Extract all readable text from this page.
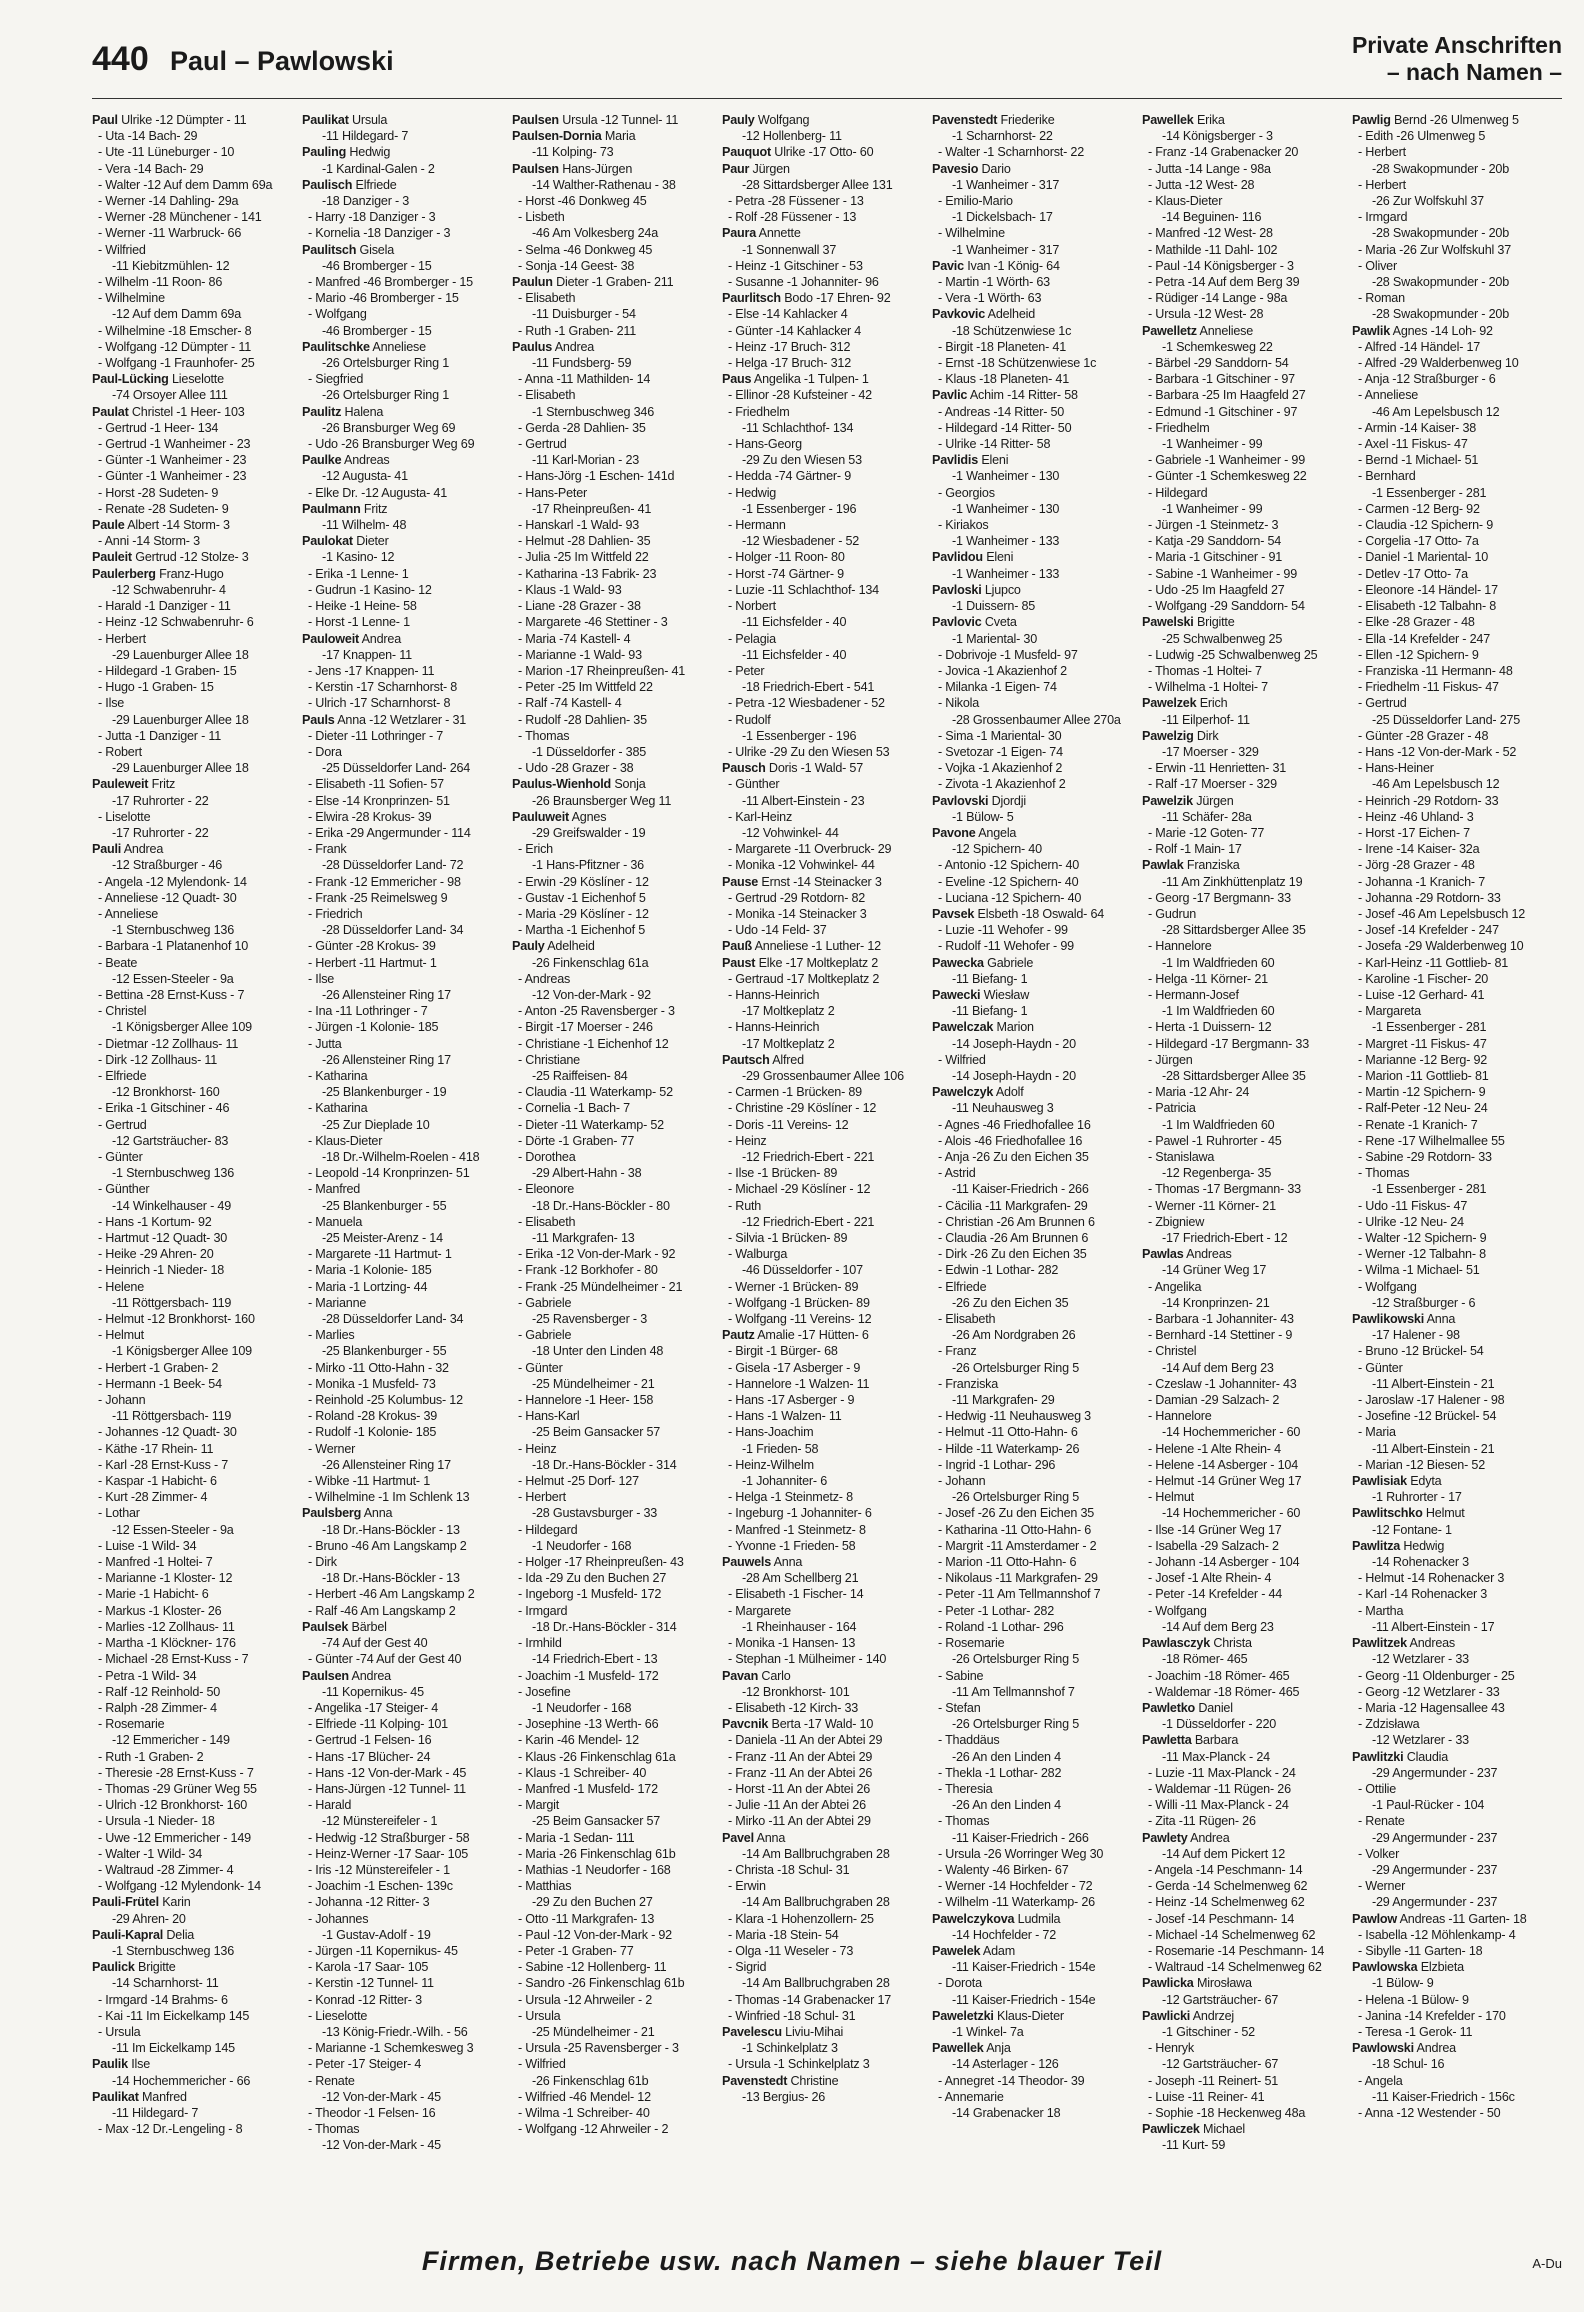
440 Paul – Pawlowski
Private Anschriften
– nach Namen –
Paul Ulrike -12 Dümpter - 11
- Uta -14 Bach- 29
- Ute -11 Lüneburger - 10
- Vera -14 Bach- 29
- Walter -12 Auf dem Damm 69a
- Werner -14 Dahling- 29a
- Werner -28 Münchener - 141
- Werner -11 Warbruck- 66
- Wilfried
-11 Kiebitzmühlen- 12
- Wilhelm -11 Roon- 86
- Wilhelmine
-12 Auf dem Damm 69a
- Wilhelmine -18 Emscher- 8
- Wolfgang -12 Dümpter - 11
- Wolfgang -1 Fraunhofer- 25
Paul-Lücking Lieselotte
-74 Orsoyer Allee 111
Paulat Christel -1 Heer- 103
- Gertrud -1 Heer- 134
- Gertrud -1 Wanheimer - 23
- Günter -1 Wanheimer - 23
- Günter -1 Wanheimer - 23
- Horst -28 Sudeten- 9
- Renate -28 Sudeten- 9
Paule Albert -14 Storm- 3
- Anni -14 Storm- 3
Pauleit Gertrud -12 Stolze- 3
Paulerberg Franz-Hugo
-12 Schwabenruhr- 4
- Harald -1 Danziger - 11
- Heinz -12 Schwabenruhr- 6
- Herbert
-29 Lauenburger Allee 18
- Hildegard -1 Graben- 15
- Hugo -1 Graben- 15
- Ilse
-29 Lauenburger Allee 18
- Jutta -1 Danziger - 11
- Robert
-29 Lauenburger Allee 18
Pauleweit Fritz
-17 Ruhrorter - 22
- Liselotte
-17 Ruhrorter - 22
Pauli Andrea
-12 Straßburger - 46
- Angela -12 Mylendonk- 14
- Anneliese -12 Quadt- 30
- Anneliese
-1 Sternbuschweg 136
- Barbara -1 Platanenhof 10
- Beate
-12 Essen-Steeler - 9a
- Bettina -28 Ernst-Kuss - 7
- Christel
-1 Königsberger Allee 109
- Dietmar -12 Zollhaus- 11
- Dirk -12 Zollhaus- 11
- Elfriede
-12 Bronkhorst- 160
- Erika -1 Gitschiner - 46
- Gertrud
-12 Gartsträucher- 83
- Günter
-1 Sternbuschweg 136
- Günther
-14 Winkelhauser - 49
- Hans -1 Kortum- 92
- Hartmut -12 Quadt- 30
- Heike -29 Ahren- 20
- Heinrich -1 Nieder- 18
- Helene
-11 Röttgersbach- 119
- Helmut -12 Bronkhorst- 160
- Helmut
-1 Königsberger Allee 109
- Herbert -1 Graben- 2
- Hermann -1 Beek- 54
- Johann
-11 Röttgersbach- 119
- Johannes -12 Quadt- 30
- Käthe -17 Rhein- 11
- Karl -28 Ernst-Kuss - 7
- Kaspar -1 Habicht- 6
- Kurt -28 Zimmer- 4
- Lothar
-12 Essen-Steeler - 9a
- Luise -1 Wild- 34
- Manfred -1 Holtei- 7
- Marianne -1 Kloster- 12
- Marie -1 Habicht- 6
- Markus -1 Kloster- 26
- Marlies -12 Zollhaus- 11
- Martha -1 Klöckner- 176
- Michael -28 Ernst-Kuss - 7
- Petra -1 Wild- 34
- Ralf -12 Reinhold- 50
- Ralph -28 Zimmer- 4
- Rosemarie
-12 Emmericher - 149
- Ruth -1 Graben- 2
- Theresie -28 Ernst-Kuss - 7
- Thomas -29 Grüner Weg 55
- Ulrich -12 Bronkhorst- 160
- Ursula -1 Nieder- 18
- Uwe -12 Emmericher - 149
- Walter -1 Wild- 34
- Waltraud -28 Zimmer- 4
- Wolfgang -12 Mylendonk- 14
Pauli-Frütel Karin
-29 Ahren- 20
Pauli-Kapral Delia
-1 Sternbuschweg 136
Paulick Brigitte
-14 Scharnhorst- 11
- Irmgard -14 Brahms- 6
- Kai -11 Im Eickelkamp 145
- Ursula
-11 Im Eickelkamp 145
Paulik Ilse
-14 Hochemmericher - 66
Paulikat Manfred
-11 Hildegard- 7
- Max -12 Dr.-Lengeling - 8
Paulikat Ursula
-11 Hildegard- 7
Pauling Hedwig
-1 Kardinal-Galen - 2
Paulisch Elfriede
-18 Danziger - 3
- Harry -18 Danziger - 3
- Kornelia -18 Danziger - 3
Paulitsch Gisela
-46 Bromberger - 15
- Manfred -46 Bromberger - 15
- Mario -46 Bromberger - 15
- Wolfgang
-46 Bromberger - 15
Paulitschke Anneliese
-26 Ortelsburger Ring 1
- Siegfried
-26 Ortelsburger Ring 1
Paulitz Halena
-26 Bransburger Weg 69
- Udo -26 Bransburger Weg 69
Paulke Andreas
-12 Augusta- 41
- Elke Dr. -12 Augusta- 41
Paulmann Fritz
-11 Wilhelm- 48
Paulokat Dieter
-1 Kasino- 12
- Erika -1 Lenne- 1
- Gudrun -1 Kasino- 12
- Heike -1 Heine- 58
- Horst -1 Lenne- 1
Pauloweit Andrea
-17 Knappen- 11
- Jens -17 Knappen- 11
- Kerstin -17 Scharnhorst- 8
- Ulrich -17 Scharnhorst- 8
Pauls Anna -12 Wetzlarer - 31
- Dieter -11 Lothringer - 7
- Dora
-25 Düsseldorfer Land- 264
- Elisabeth -11 Sofien- 57
- Else -14 Kronprinzen- 51
- Elwira -28 Krokus- 39
- Erika -29 Angermunder - 114
- Frank
-28 Düsseldorfer Land- 72
- Frank -12 Emmericher - 98
- Frank -25 Reimelsweg 9
- Friedrich
-28 Düsseldorfer Land- 34
- Günter -28 Krokus- 39
- Herbert -11 Hartmut- 1
- Ilse
-26 Allensteiner Ring 17
- Ina -11 Lothringer - 7
- Jürgen -1 Kolonie- 185
- Jutta
-26 Allensteiner Ring 17
- Katharina
-25 Blankenburger - 19
- Katharina
-25 Zur Dieplade 10
- Klaus-Dieter
-18 Dr.-Wilhelm-Roelen - 418
- Leopold -14 Kronprinzen- 51
- Manfred
-25 Blankenburger - 55
- Manuela
-25 Meister-Arenz - 14
- Margarete -11 Hartmut- 1
- Maria -1 Kolonie- 185
- Maria -1 Lortzing- 44
- Marianne
-28 Düsseldorfer Land- 34
- Marlies
-25 Blankenburger - 55
- Mirko -11 Otto-Hahn - 32
- Monika -1 Musfeld- 73
- Reinhold -25 Kolumbus- 12
- Roland -28 Krokus- 39
- Rudolf -1 Kolonie- 185
- Werner
-26 Allensteiner Ring 17
- Wibke -11 Hartmut- 1
- Wilhelmine -1 Im Schlenk 13
Paulsberg Anna
-18 Dr.-Hans-Böckler - 13
- Bruno -46 Am Langskamp 2
- Dirk
-18 Dr.-Hans-Böckler - 13
- Herbert -46 Am Langskamp 2
- Ralf -46 Am Langskamp 2
Paulsek Bärbel
-74 Auf der Gest 40
- Günter -74 Auf der Gest 40
Paulsen Andrea
-11 Kopernikus- 45
- Angelika -17 Steiger- 4
- Elfriede -11 Kolping- 101
- Gertrud -1 Felsen- 16
- Hans -17 Blücher- 24
- Hans -12 Von-der-Mark - 45
- Hans-Jürgen -12 Tunnel- 11
- Harald
-12 Münstereifeler - 1
- Hedwig -12 Straßburger - 58
- Heinz-Werner -17 Saar- 105
- Iris -12 Münstereifeler - 1
- Joachim -1 Eschen- 139c
- Johanna -12 Ritter- 3
- Johannes
-1 Gustav-Adolf - 19
- Jürgen -11 Kopernikus- 45
- Karola -17 Saar- 105
- Kerstin -12 Tunnel- 11
- Konrad -12 Ritter- 3
- Lieselotte
-13 König-Friedr.-Wilh. - 56
- Marianne -1 Schemkesweg 3
- Peter -17 Steiger- 4
- Renate
-12 Von-der-Mark - 45
- Theodor -1 Felsen- 16
- Thomas
-12 Von-der-Mark - 45
Paulsen Ursula -12 Tunnel- 11
Paulsen-Dornia Maria
-11 Kolping- 73
Paulsen Hans-Jürgen
-14 Walther-Rathenau - 38
- Horst -46 Donkweg 45
- Lisbeth
-46 Am Volkesberg 24a
- Selma -46 Donkweg 45
- Sonja -14 Geest- 38
Paulun Dieter -1 Graben- 211
- Elisabeth
-11 Duisburger - 54
- Ruth -1 Graben- 211
Paulus Andrea
-11 Fundsberg- 59
- Anna -11 Mathilden- 14
- Elisabeth
-1 Sternbuschweg 346
- Gerda -28 Dahlien- 35
- Gertrud
-11 Karl-Morian - 23
- Hans-Jörg -1 Eschen- 141d
- Hans-Peter
-17 Rheinpreußen- 41
- Hanskarl -1 Wald- 93
- Helmut -28 Dahlien- 35
- Julia -25 Im Wittfeld 22
- Katharina -13 Fabrik- 23
- Klaus -1 Wald- 93
- Liane -28 Grazer - 38
- Margarete -46 Stettiner - 3
- Maria -74 Kastell- 4
- Marianne -1 Wald- 93
- Marion -17 Rheinpreußen- 41
- Peter -25 Im Wittfeld 22
- Ralf -74 Kastell- 4
- Rudolf -28 Dahlien- 35
- Thomas
-1 Düsseldorfer - 385
- Udo -28 Grazer - 38
Paulus-Wienhold Sonja
-26 Braunsberger Weg 11
Pauluweit Agnes
-29 Greifswalder - 19
- Erich
-1 Hans-Pfitzner - 36
- Erwin -29 Köslíner - 12
- Gustav -1 Eichenhof 5
- Maria -29 Köslíner - 12
- Martha -1 Eichenhof 5
Pauly Adelheid
-26 Finkenschlag 61a
- Andreas
-12 Von-der-Mark - 92
- Anton -25 Ravensberger - 3
- Birgit -17 Moerser - 246
- Christiane -1 Eichenhof 12
- Christiane
-25 Raiffeisen- 84
- Claudia -11 Waterkamp- 52
- Cornelia -1 Bach- 7
- Dieter -11 Waterkamp- 52
- Dörte -1 Graben- 77
- Dorothea
-29 Albert-Hahn - 38
- Eleonore
-18 Dr.-Hans-Böckler - 80
- Elisabeth
-11 Markgrafen- 13
- Erika -12 Von-der-Mark - 92
- Frank -12 Borkhofer - 80
- Frank -25 Mündelheimer - 21
- Gabriele
-25 Ravensberger - 3
- Gabriele
-18 Unter den Linden 48
- Günter
-25 Mündelheimer - 21
- Hannelore -1 Heer- 158
- Hans-Karl
-25 Beim Gansacker 57
- Heinz
-18 Dr.-Hans-Böckler - 314
- Helmut -25 Dorf- 127
- Herbert
-28 Gustavsburger - 33
- Hildegard
-1 Neudorfer - 168
- Holger -17 Rheinpreußen- 43
- Ida -29 Zu den Buchen 27
- Ingeborg -1 Musfeld- 172
- Irmgard
-18 Dr.-Hans-Böckler - 314
- Irmhild
-14 Friedrich-Ebert - 13
- Joachim -1 Musfeld- 172
- Josefine
-1 Neudorfer - 168
- Josephine -13 Werth- 66
- Karin -46 Mendel- 12
- Klaus -26 Finkenschlag 61a
- Klaus -1 Schreiber- 40
- Manfred -1 Musfeld- 172
- Margit
-25 Beim Gansacker 57
- Maria -1 Sedan- 111
- Maria -26 Finkenschlag 61b
- Mathias -1 Neudorfer - 168
- Matthias
-29 Zu den Buchen 27
- Otto -11 Markgrafen- 13
- Paul -12 Von-der-Mark - 92
- Peter -1 Graben- 77
- Sabine -12 Hollenberg- 11
- Sandro -26 Finkenschlag 61b
- Ursula -12 Ahrweiler - 2
- Ursula
-25 Mündelheimer - 21
- Ursula -25 Ravensberger - 3
- Wilfried
-26 Finkenschlag 61b
- Wilfried -46 Mendel- 12
- Wilma -1 Schreiber- 40
- Wolfgang -12 Ahrweiler - 2
Pauly Wolfgang
-12 Hollenberg- 11
Pauquot Ulrike -17 Otto- 60
Paur Jürgen
-28 Sittardsberger Allee 131
- Petra -28 Füssener - 13
- Rolf -28 Füssener - 13
Paura Annette
-1 Sonnenwall 37
- Heinz -1 Gitschiner - 53
- Susanne -1 Johanniter- 96
Paurlitsch Bodo -17 Ehren- 92
- Else -14 Kahlacker 4
- Günter -14 Kahlacker 4
- Heinz -17 Bruch- 312
- Helga -17 Bruch- 312
Paus Angelika -1 Tulpen- 1
- Ellinor -28 Kufsteiner - 42
- Friedhelm
-11 Schlachthof- 134
- Hans-Georg
-29 Zu den Wiesen 53
- Hedda -74 Gärtner- 9
- Hedwig
-1 Essenberger - 196
- Hermann
-12 Wiesbadener - 52
- Holger -11 Roon- 80
- Horst -74 Gärtner- 9
- Luzie -11 Schlachthof- 134
- Norbert
-11 Eichsfelder - 40
- Pelagia
-11 Eichsfelder - 40
- Peter
-18 Friedrich-Ebert - 541
- Petra -12 Wiesbadener - 52
- Rudolf
-1 Essenberger - 196
- Ulrike -29 Zu den Wiesen 53
Pausch Doris -1 Wald- 57
- Günther
-11 Albert-Einstein - 23
- Karl-Heinz
-12 Vohwinkel- 44
- Margarete -11 Overbruck- 29
- Monika -12 Vohwinkel- 44
Pause Ernst -14 Steinacker 3
- Gertrud -29 Rotdorn- 82
- Monika -14 Steinacker 3
- Udo -14 Feld- 37
Pauß Anneliese -1 Luther- 12
Paust Elke -17 Moltkeplatz 2
- Gertraud -17 Moltkeplatz 2
- Hanns-Heinrich
-17 Moltkeplatz 2
- Hanns-Heinrich
-17 Moltkeplatz 2
Pautsch Alfred
-29 Grossenbaumer Allee 106
- Carmen -1 Brücken- 89
- Christine -29 Köslíner - 12
- Doris -11 Vereins- 12
- Heinz
-12 Friedrich-Ebert - 221
- Ilse -1 Brücken- 89
- Michael -29 Köslíner - 12
- Ruth
-12 Friedrich-Ebert - 221
- Silvia -1 Brücken- 89
- Walburga
-46 Düsseldorfer - 107
- Werner -1 Brücken- 89
- Wolfgang -1 Brücken- 89
- Wolfgang -11 Vereins- 12
Pautz Amalie -17 Hütten- 6
- Birgit -1 Bürger- 68
- Gisela -17 Asberger - 9
- Hannelore -1 Walzen- 11
- Hans -17 Asberger - 9
- Hans -1 Walzen- 11
- Hans-Joachim
-1 Frieden- 58
- Heinz-Wilhelm
-1 Johanniter- 6
- Helga -1 Steinmetz- 8
- Ingeburg -1 Johanniter- 6
- Manfred -1 Steinmetz- 8
- Yvonne -1 Frieden- 58
Pauwels Anna
-28 Am Schellberg 21
- Elisabeth -1 Fischer- 14
- Margarete
-1 Rheinhauser - 164
- Monika -1 Hansen- 13
- Stephan -1 Mülheimer - 140
Pavan Carlo
-12 Bronkhorst- 101
- Elisabeth -12 Kirch- 33
Pavcnik Berta -17 Wald- 10
- Daniela -11 An der Abtei 29
- Franz -11 An der Abtei 29
- Franz -11 An der Abtei 26
- Horst -11 An der Abtei 26
- Julie -11 An der Abtei 26
- Mirko -11 An der Abtei 29
Pavel Anna
-14 Am Ballbruchgraben 28
- Christa -18 Schul- 31
- Erwin
-14 Am Ballbruchgraben 28
- Klara -1 Hohenzollern- 25
- Maria -18 Stein- 54
- Olga -11 Weseler - 73
- Sigrid
-14 Am Ballbruchgraben 28
- Thomas -14 Grabenacker 17
- Winfried -18 Schul- 31
Pavelescu Liviu-Mihai
-1 Schinkelplatz 3
- Ursula -1 Schinkelplatz 3
Pavenstedt Christine
-13 Bergius- 26
Pavenstedt Friederike
-1 Scharnhorst- 22
- Walter -1 Scharnhorst- 22
Pavesio Dario
-1 Wanheimer - 317
- Emilio-Mario
-1 Dickelsbach- 17
- Wilhelmine
-1 Wanheimer - 317
Pavic Ivan -1 König- 64
- Martin -1 Wörth- 63
- Vera -1 Wörth- 63
Pavkovic Adelheid
-18 Schützenwiese 1c
- Birgit -18 Planeten- 41
- Ernst -18 Schützenwiese 1c
- Klaus -18 Planeten- 41
Pavlic Achim -14 Ritter- 58
- Andreas -14 Ritter- 50
- Hildegard -14 Ritter- 50
- Ulrike -14 Ritter- 58
Pavlidis Eleni
-1 Wanheimer - 130
- Georgios
-1 Wanheimer - 130
- Kiriakos
-1 Wanheimer - 133
Pavlidou Eleni
-1 Wanheimer - 133
Pavloski Ljupco
-1 Duissern- 85
Pavlovic Cveta
-1 Mariental- 30
- Dobrivoje -1 Musfeld- 97
- Jovica -1 Akazienhof 2
- Milanka -1 Eigen- 74
- Nikola
-28 Grossenbaumer Allee 270a
- Sima -1 Mariental- 30
- Svetozar -1 Eigen- 74
- Vojka -1 Akazienhof 2
- Zivota -1 Akazienhof 2
Pavlovski Djordji
-1 Bülow- 5
Pavone Angela
-12 Spichern- 40
- Antonio -12 Spichern- 40
- Eveline -12 Spichern- 40
- Luciana -12 Spichern- 40
Pavsek Elsbeth -18 Oswald- 64
- Luzie -11 Wehofer - 99
- Rudolf -11 Wehofer - 99
Pawecka Gabriele
-11 Biefang- 1
Pawecki Wiesław
-11 Biefang- 1
Pawelczak Marion
-14 Joseph-Haydn - 20
- Wilfried
-14 Joseph-Haydn - 20
Pawelczyk Adolf
-11 Neuhausweg 3
- Agnes -46 Friedhofallee 16
- Alois -46 Friedhofallee 16
- Anja -26 Zu den Eichen 35
- Astrid
-11 Kaiser-Friedrich - 266
- Cäcilia -11 Markgrafen- 29
- Christian -26 Am Brunnen 6
- Claudia -26 Am Brunnen 6
- Dirk -26 Zu den Eichen 35
- Edwin -1 Lothar- 282
- Elfriede
-26 Zu den Eichen 35
- Elisabeth
-26 Am Nordgraben 26
- Franz
-26 Ortelsburger Ring 5
- Franziska
-11 Markgrafen- 29
- Hedwig -11 Neuhausweg 3
- Helmut -11 Otto-Hahn- 6
- Hilde -11 Waterkamp- 26
- Ingrid -1 Lothar- 296
- Johann
-26 Ortelsburger Ring 5
- Josef -26 Zu den Eichen 35
- Katharina -11 Otto-Hahn- 6
- Margrit -11 Amsterdamer - 2
- Marion -11 Otto-Hahn- 6
- Nikolaus -11 Markgrafen- 29
- Peter -11 Am Tellmannshof 7
- Peter -1 Lothar- 282
- Roland -1 Lothar- 296
- Rosemarie
-26 Ortelsburger Ring 5
- Sabine
-11 Am Tellmannshof 7
- Stefan
-26 Ortelsburger Ring 5
- Thaddäus
-26 An den Linden 4
- Thekla -1 Lothar- 282
- Theresia
-26 An den Linden 4
- Thomas
-11 Kaiser-Friedrich - 266
- Ursula -26 Worringer Weg 30
- Walenty -46 Birken- 67
- Werner -14 Hochfelder - 72
- Wilhelm -11 Waterkamp- 26
Pawelczykova Ludmila
-14 Hochfelder - 72
Pawelek Adam
-11 Kaiser-Friedrich - 154e
- Dorota
-11 Kaiser-Friedrich - 154e
Paweletzki Klaus-Dieter
-1 Winkel- 7a
Pawellek Anja
-14 Asterlager - 126
- Annegret -14 Theodor- 39
- Annemarie
-14 Grabenacker 18
Pawellek Erika
-14 Königsberger - 3
- Franz -14 Grabenacker 20
- Jutta -14 Lange - 98a
- Jutta -12 West- 28
- Klaus-Dieter
-14 Beguinen- 116
- Manfred -12 West- 28
- Mathilde -11 Dahl- 102
- Paul -14 Königsberger - 3
- Petra -14 Auf dem Berg 39
- Rüdiger -14 Lange - 98a
- Ursula -12 West- 28
Pawelletz Anneliese
-1 Schemkesweg 22
- Bärbel -29 Sanddorn- 54
- Barbara -1 Gitschiner - 97
- Barbara -25 Im Haagfeld 27
- Edmund -1 Gitschiner - 97
- Friedhelm
-1 Wanheimer - 99
- Gabriele -1 Wanheimer - 99
- Günter -1 Schemkesweg 22
- Hildegard
-1 Wanheimer - 99
- Jürgen -1 Steinmetz- 3
- Katja -29 Sanddorn- 54
- Maria -1 Gitschiner - 91
- Sabine -1 Wanheimer - 99
- Udo -25 Im Haagfeld 27
- Wolfgang -29 Sanddorn- 54
Pawelski Brigitte
-25 Schwalbenweg 25
- Ludwig -25 Schwalbenweg 25
- Thomas -1 Holtei- 7
- Wilhelma -1 Holtei- 7
Pawelzek Erich
-11 Eilperhof- 11
Pawelzig Dirk
-17 Moerser - 329
- Erwin -11 Henrietten- 31
- Ralf -17 Moerser - 329
Pawelzik Jürgen
-11 Schäfer- 28a
- Marie -12 Goten- 77
- Rolf -1 Main- 17
Pawlak Franziska
-11 Am Zinkhüttenplatz 19
- Georg -17 Bergmann- 33
- Gudrun
-28 Sittardsberger Allee 35
- Hannelore
-1 Im Waldfrieden 60
- Helga -11 Körner- 21
- Hermann-Josef
-1 Im Waldfrieden 60
- Herta -1 Duissern- 12
- Hildegard -17 Bergmann- 33
- Jürgen
-28 Sittardsberger Allee 35
- Maria -12 Ahr- 24
- Patricia
-1 Im Waldfrieden 60
- Pawel -1 Ruhrorter - 45
- Stanislawa
-12 Regenberga- 35
- Thomas -17 Bergmann- 33
- Werner -11 Körner- 21
- Zbigniew
-17 Friedrich-Ebert - 12
Pawlas Andreas
-14 Grüner Weg 17
- Angelika
-14 Kronprinzen- 21
- Barbara -1 Johanniter- 43
- Bernhard -14 Stettiner - 9
- Christel
-14 Auf dem Berg 23
- Czeslaw -1 Johanniter- 43
- Damian -29 Salzach- 2
- Hannelore
-14 Hochemmericher - 60
- Helene -1 Alte Rhein- 4
- Helene -14 Asberger - 104
- Helmut -14 Grüner Weg 17
- Helmut
-14 Hochemmericher - 60
- Ilse -14 Grüner Weg 17
- Isabella -29 Salzach- 2
- Johann -14 Asberger - 104
- Josef -1 Alte Rhein- 4
- Peter -14 Krefelder - 44
- Wolfgang
-14 Auf dem Berg 23
Pawlasczyk Christa
-18 Römer- 465
- Joachim -18 Römer- 465
- Waldemar -18 Römer- 465
Pawletko Daniel
-1 Düsseldorfer - 220
Pawletta Barbara
-11 Max-Planck - 24
- Luzie -11 Max-Planck - 24
- Waldemar -11 Rügen- 26
- Willi -11 Max-Planck - 24
- Zita -11 Rügen- 26
Pawlety Andrea
-14 Auf dem Pickert 12
- Angela -14 Peschmann- 14
- Gerda -14 Schelmenweg 62
- Heinz -14 Schelmenweg 62
- Josef -14 Peschmann- 14
- Michael -14 Schelmenweg 62
- Rosemarie -14 Peschmann- 14
- Waltraud -14 Schelmenweg 62
Pawlicka Mirosława
-12 Gartsträucher- 67
Pawlicki Andrzej
-1 Gitschiner - 52
- Henryk
-12 Gartsträucher- 67
- Joseph -11 Reinert- 51
- Luise -11 Reiner- 41
- Sophie -18 Heckenweg 48a
Pawliczek Michael
-11 Kurt- 59
Pawlig Bernd -26 Ulmenweg 5
- Edith -26 Ulmenweg 5
- Herbert
-28 Swakopmunder - 20b
- Herbert
-26 Zur Wolfskuhl 37
- Irmgard
-28 Swakopmunder - 20b
- Maria -26 Zur Wolfskuhl 37
- Oliver
-28 Swakopmunder - 20b
- Roman
-28 Swakopmunder - 20b
Pawlik Agnes -14 Loh- 92
- Alfred -14 Händel- 17
- Alfred -29 Walderbenweg 10
- Anja -12 Straßburger - 6
- Anneliese
-46 Am Lepelsbusch 12
- Armin -14 Kaiser- 38
- Axel -11 Fiskus- 47
- Bernd -1 Michael- 51
- Bernhard
-1 Essenberger - 281
- Carmen -12 Berg- 92
- Claudia -12 Spichern- 9
- Corgelia -17 Otto- 7a
- Daniel -1 Mariental- 10
- Detlev -17 Otto- 7a
- Eleonore -14 Händel- 17
- Elisabeth -12 Talbahn- 8
- Elke -28 Grazer - 48
- Ella -14 Krefelder - 247
- Ellen -12 Spichern- 9
- Franziska -11 Hermann- 48
- Friedhelm -11 Fiskus- 47
- Gertrud
-25 Düsseldorfer Land- 275
- Günter -28 Grazer - 48
- Hans -12 Von-der-Mark - 52
- Hans-Heiner
-46 Am Lepelsbusch 12
- Heinrich -29 Rotdorn- 33
- Heinz -46 Uhland- 3
- Horst -17 Eichen- 7
- Irene -14 Kaiser- 32a
- Jörg -28 Grazer - 48
- Johanna -1 Kranich- 7
- Johanna -29 Rotdorn- 33
- Josef -46 Am Lepelsbusch 12
- Josef -14 Krefelder - 247
- Josefa -29 Walderbenweg 10
- Karl-Heinz -11 Gottlieb- 81
- Karoline -1 Fischer- 20
- Luise -12 Gerhard- 41
- Margareta
-1 Essenberger - 281
- Margret -11 Fiskus- 47
- Marianne -12 Berg- 92
- Marion -11 Gottlieb- 81
- Martin -12 Spichern- 9
- Ralf-Peter -12 Neu- 24
- Renate -1 Kranich- 7
- Rene -17 Wilhelmallee 55
- Sabine -29 Rotdorn- 33
- Thomas
-1 Essenberger - 281
- Udo -11 Fiskus- 47
- Ulrike -12 Neu- 24
- Walter -12 Spichern- 9
- Werner -12 Talbahn- 8
- Wilma -1 Michael- 51
- Wolfgang
-12 Straßburger - 6
Pawlikowski Anna
-17 Halener - 98
- Bruno -12 Brückel- 54
- Günter
-11 Albert-Einstein - 21
- Jaroslaw -17 Halener - 98
- Josefine -12 Brückel- 54
- Maria
-11 Albert-Einstein - 21
- Marian -12 Biesen- 52
Pawlisiak Edyta
-1 Ruhrorter - 17
Pawlitschko Helmut
-12 Fontane- 1
Pawlitza Hedwig
-14 Rohenacker 3
- Helmut -14 Rohenacker 3
- Karl -14 Rohenacker 3
- Martha
-11 Albert-Einstein - 17
Pawlitzek Andreas
-12 Wetzlarer - 33
- Georg -11 Oldenburger - 25
- Georg -12 Wetzlarer - 33
- Maria -12 Hagensallee 43
- Zdzisława
-12 Wetzlarer - 33
Pawlitzki Claudia
-29 Angermunder - 237
- Ottilie
-1 Paul-Rücker - 104
- Renate
-29 Angermunder - 237
- Volker
-29 Angermunder - 237
- Werner
-29 Angermunder - 237
Pawlow Andreas -11 Garten- 18
- Isabella -12 Möhlenkamp- 4
- Sibylle -11 Garten- 18
Pawlowska Elzbieta
-1 Bülow- 9
- Helena -1 Bülow- 9
- Janina -14 Krefelder - 170
- Teresa -1 Gerok- 11
Pawlowski Andrea
-18 Schul- 16
- Angela
-11 Kaiser-Friedrich - 156c
- Anna -12 Westender - 50
Firmen, Betriebe usw. nach Namen – siehe blauer Teil	A-Du
